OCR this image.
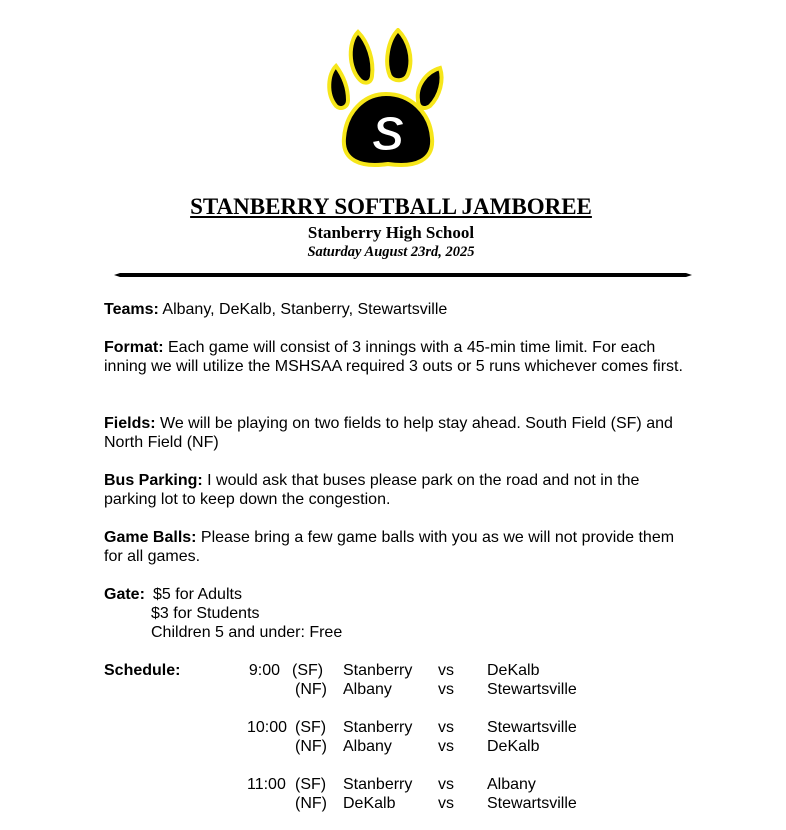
S
STANBERRY SOFTBALL JAMBOREE
Stanberry High School
Saturday August 23rd, 2025
Teams: Albany, DeKalb, Stanberry, Stewartsville
Format: Each game will consist of 3 innings with a 45-min time limit. For each inning we will utilize the MSHSAA required 3 outs or 5 runs whichever comes first.
Fields: We will be playing on two fields to help stay ahead. South Field (SF) and North Field (NF)
Bus Parking: I would ask that buses please park on the road and not in the parking lot to keep down the congestion.
Game Balls: Please bring a few game balls with you as we will not provide them for all games.
Gate: $5 for Adults
$3 for Students
Children 5 and under: Free
Schedule:	9:00 (SF) Stanberry vs DeKalb
(NF) Albany	vs Stewartsville
10:00 (SF) Stanberry vs Stewartsville
(NF) Albany	vs DeKalb
11:00 (SF) Stanberry vs Albany
(NF) DeKalb	vs Stewartsville
